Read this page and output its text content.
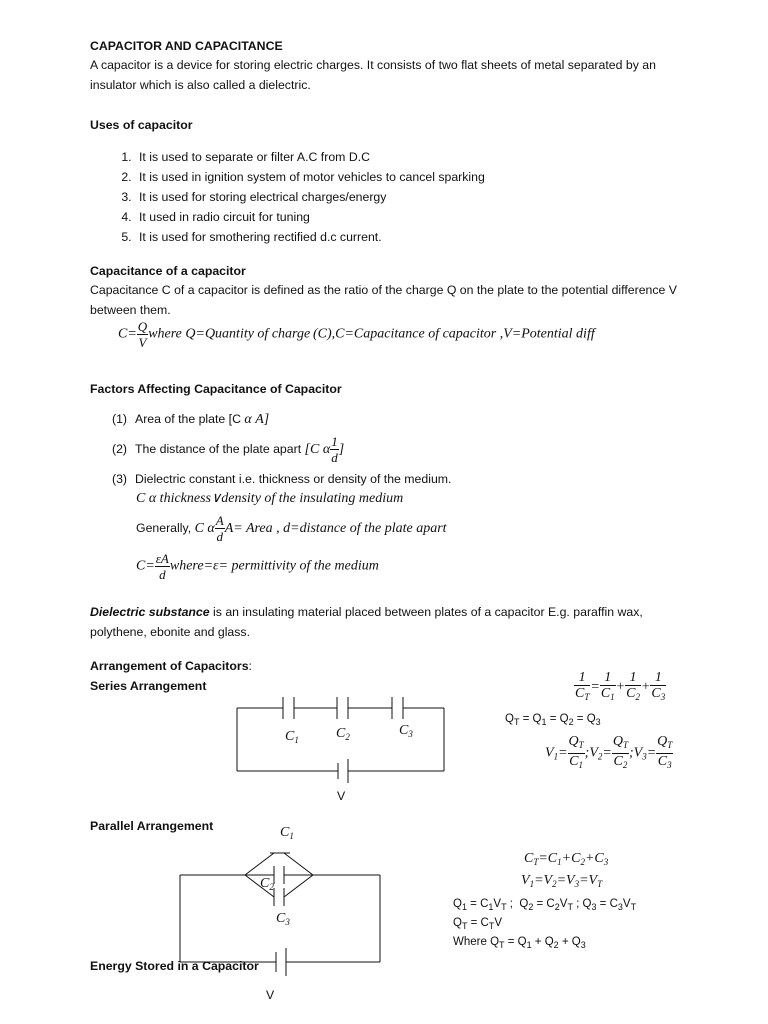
CAPACITOR AND CAPACITANCE
A capacitor is a device for storing electric charges. It consists of two flat sheets of metal separated by an insulator which is also called a dielectric.
Uses of capacitor
1. It is used to separate or filter A.C from D.C
2. It is used in ignition system of motor vehicles to cancel sparking
3. It is used for storing electrical charges/energy
4. It used in radio circuit for tuning
5. It is used for smothering rectified d.c current.
Capacitance of a capacitor
Capacitance C of a capacitor is defined as the ratio of the charge Q on the plate to the potential difference V between them.
$C= \frac{Q}{V}$ where Q=Quantity of charge (C),C=Capacitance of capacitor ,V=Potential diff
Factors Affecting Capacitance of Capacitor
(1) Area of the plate [C α A]
(2) The distance of the plate apart [C α $\frac{1}{d}$ ]
(3) Dielectric constant i.e. thickness or density of the medium.
C α thickness∨density of the insulating medium
Generally, C α $\frac{A}{d} A=$ Area , d=distance of the plate apart
$C= \frac{\varepsilon A}{d}$ where=ε= permittivity of the medium
Dielectric substance is an insulating material placed between plates of a capacitor E.g. paraffin wax, polythene, ebonite and glass.
Arrangement of Capacitors:
Series Arrangement
$C_1$	$C_2$	$C_3$
V
$\frac{1}{C_T} = \frac{1}{C_1} + \frac{1}{C_2} + \frac{1}{C_3}$
$Q_T = Q_1 = Q_2 = Q_3$
$V_1= \frac{Q_T}{C_1}$ $;V_2= \frac{Q_T}{C_2}$ $;V_3= \frac{Q_T}{C_3}$
Parallel Arrangement	$C_1$
$C_2$
$C_3$
V
$C_T=C_1+C_2+C_3$
$V_1=V_2=V_3=V_T$
$Q_1 = C_1V_T$ ;  $Q_2 = C_2V_T$ ; $Q_3 = C_3V_T$
$Q_T = C_TV$
Where $Q_T = Q_1 + Q_2 + Q_3$
Energy Stored in a Capacitor
